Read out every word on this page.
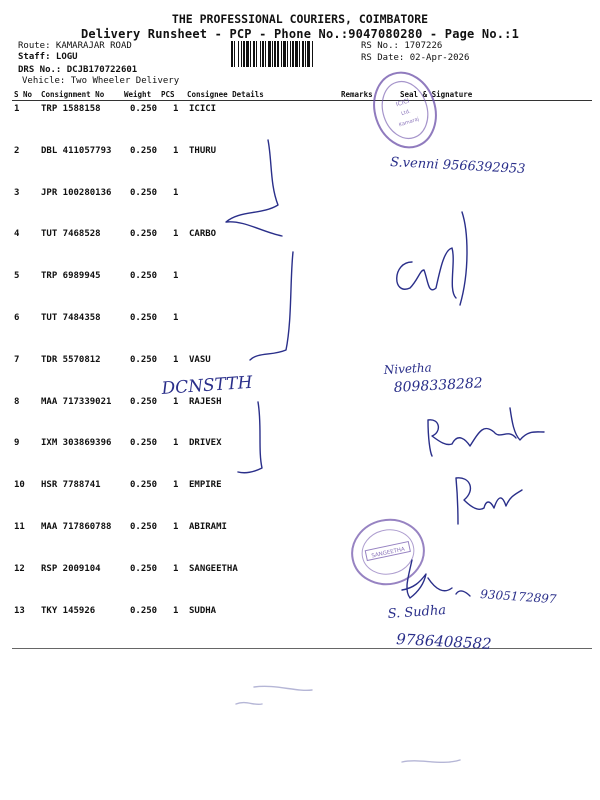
THE PROFESSIONAL COURIERS, COIMBATORE
Delivery Runsheet - PCP - Phone No.:9047080280 - Page No.:1
Route: KAMARAJAR ROAD
Staff: LOGU
DRS No.: DCJB170722601
Vehicle: Two Wheeler Delivery
RS No.: 1707226
RS Date: 02-Apr-2026
S No Consignment No	Weight PCS Consignee Details	Remarks	Seal & Signature
1 TRP 1588158	0.250 1 ICICI
2 DBL 411057793 0.250 1 THURU
3 JPR 100280136 0.250 1
4 TUT 7468528	0.250 1 CARBO
5 TRP 6989945	0.250 1
6 TUT 7484358	0.250 1
7 TDR 5570812	0.250 1 VASU
8 MAA 717339021 0.250 1 RAJESH
9 IXM 303869396 0.250 1 DRIVEX
10 HSR 7788741	0.250 1 EMPIRE
11 MAA 717860788 0.250 1 ABIRAMI
12 RSP 2009104	0.250 1 SANGEETHA
13 TKY 145926	0.250 1 SUDHA
ICICI
Ltd.
Kamaraj
SANGEETHA
S.venni 9566392953
Nivetha
8098338282
DCNSTTH
9305172897
S. Sudha
9786408582
